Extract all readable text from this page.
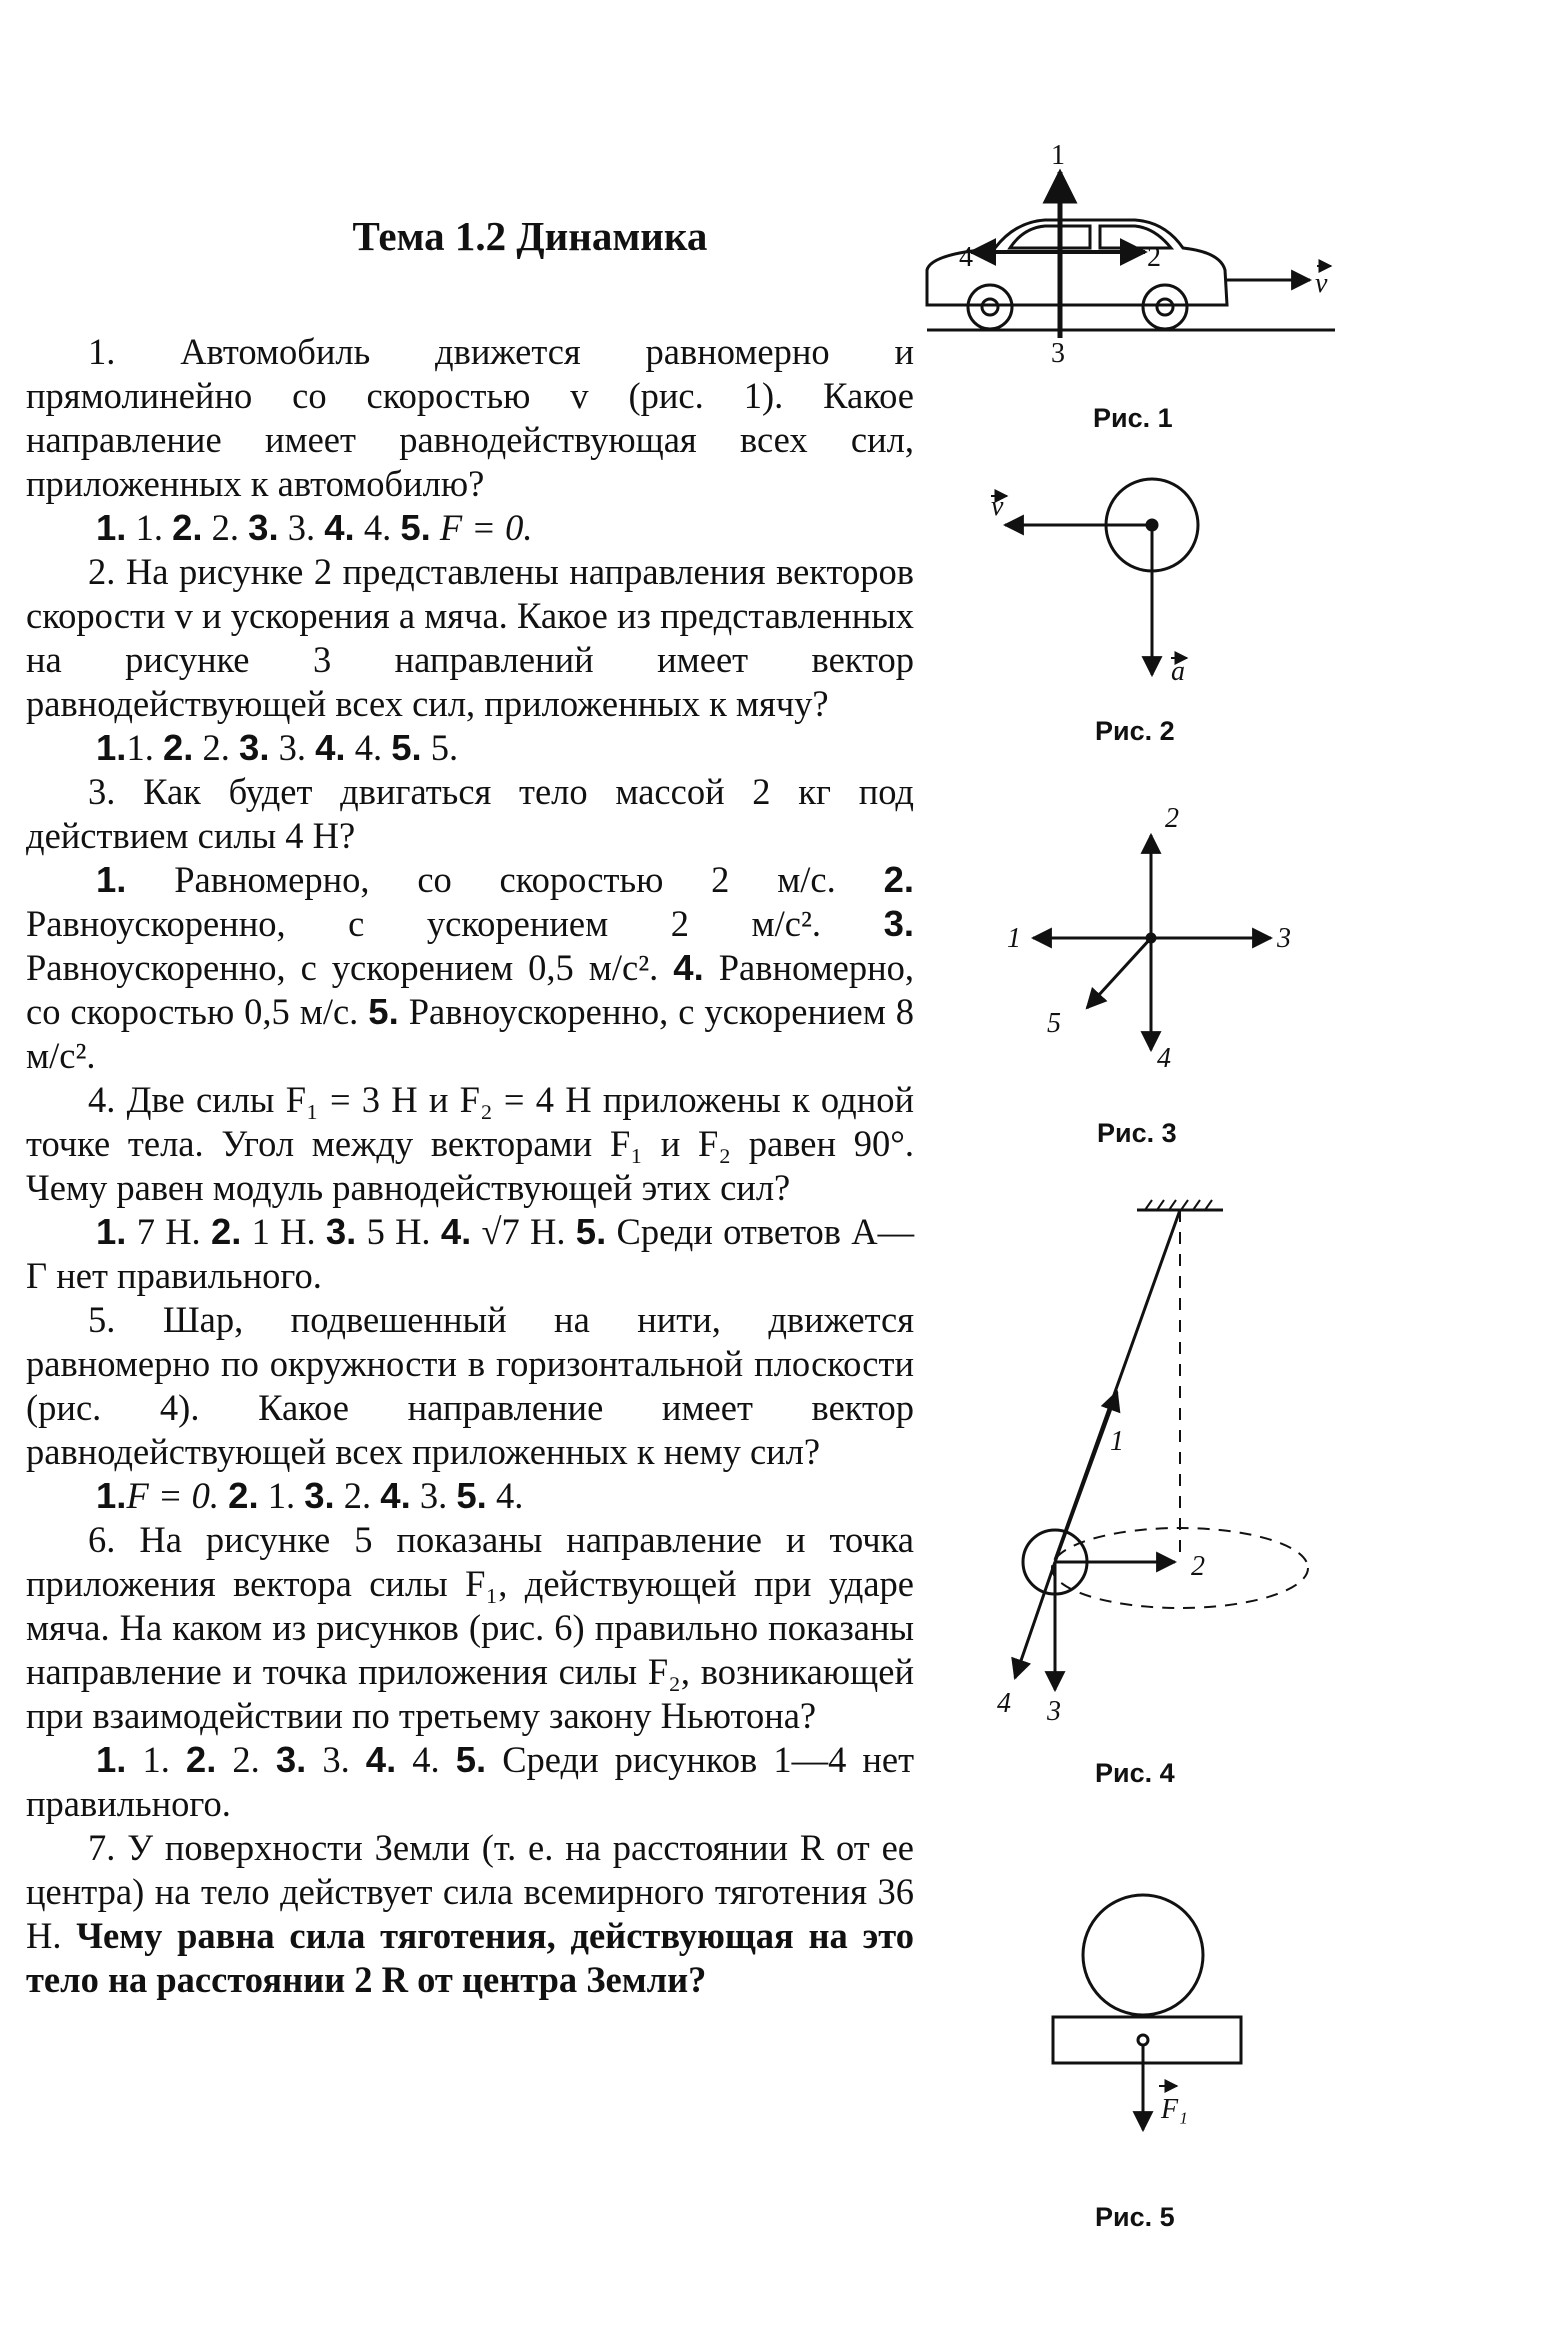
Тема 1.2 Динамика

1. Автомобиль движется равномерно и прямолинейно со скоростью v (рис. 1). Какое направление имеет равнодействующая всех сил, приложенных к автомобилю?

1. 1. 2. 2. 3. 3. 4. 4. 5. F = 0.

2. На рисунке 2 представлены направления векторов скорости v и ускорения a мяча. Какое из представленных на рисунке 3 направлений имеет вектор равнодействующей всех сил, приложенных к мячу?

1.1. 2. 2. 3. 3. 4. 4. 5. 5.

3. Как будет двигаться тело массой 2 кг под действием силы 4 Н?

1. Равномерно, со скоростью 2 м/с. 2. Равноускоренно, с ускорением 2 м/с². 3. Равноускоренно, с ускорением 0,5 м/с². 4. Равномерно, со скоростью 0,5 м/с. 5. Равноускоренно, с ускорением 8 м/с².

4. Две силы F₁ = 3 Н и F₂ = 4 Н приложены к одной точке тела. Угол между векторами F₁ и F₂ равен 90°. Чему равен модуль равнодействующей этих сил?

1. 7 Н. 2. 1 Н. 3. 5 Н. 4. √7 Н. 5. Среди ответов А—Г нет правильного.

5. Шар, подвешенный на нити, движется равномерно по окружности в горизонтальной плоскости (рис. 4). Какое направление имеет вектор равнодействующей всех приложенных к нему сил?

1.F = 0. 2. 1. 3. 2. 4. 3. 5. 4.

6. На рисунке 5 показаны направление и точка приложения вектора силы F₁, действующей при ударе мяча. На каком из рисунков (рис. 6) правильно показаны направление и точка приложения силы F₂, возникающей при взаимодействии по третьему закону Ньютона?

1. 1. 2. 2. 3. 3. 4. 4. 5. Среди рисунков 1—4 нет правильного.

7. У поверхности Земли (т. е. на расстоянии R от ее центра) на тело действует сила всемирного тяготения 36 Н. Чему равна сила тяготения, действующая на это тело на расстоянии 2 R от центра Земли?

1
2
3
4
v
v
a
2
1	3
4
5
1
2
3
4
F₁
Рис. 1
Рис. 2
Рис. 3
Рис. 4
Рис. 5
